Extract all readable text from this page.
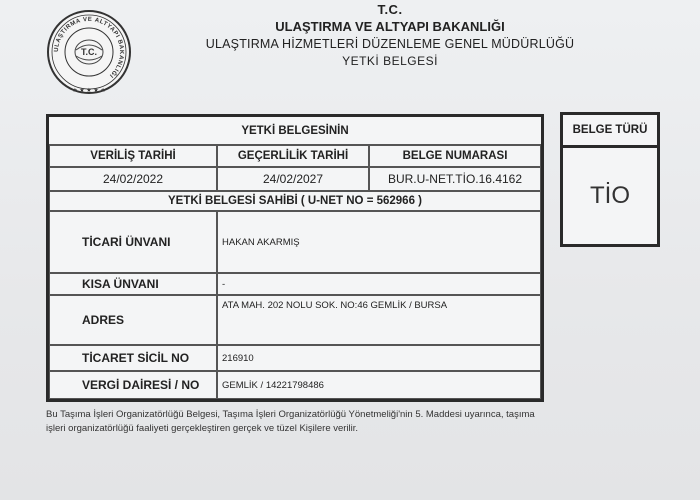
ULAŞTIRMA VE ALTYAPI BAKANLIĞI
★ ★ ★ ★ ★
T.C.
T.C.
ULAŞTIRMA VE ALTYAPI BAKANLIĞI
ULAŞTIRMA HİZMETLERİ DÜZENLEME GENEL MÜDÜRLÜĞÜ
YETKİ BELGESİ
YETKİ BELGESİNİN
VERİLİŞ TARİHİ	GEÇERLİLİK TARİHİ	BELGE NUMARASI
24/02/2022	24/02/2027	BUR.U-NET.TİO.16.4162
YETKİ BELGESİ SAHİBİ ( U-NET NO = 562966 )
TİCARİ ÜNVANI	HAKAN AKARMIŞ
KISA ÜNVANI	-
ADRES
ATA MAH. 202 NOLU SOK. NO:46 GEMLİK / BURSA
TİCARET SİCİL NO	216910
VERGİ DAİRESİ / NO	GEMLİK / 14221798486
BELGE TÜRÜ
TİO
Bu Taşıma İşleri Organizatörlüğü Belgesi, Taşıma İşleri Organizatörlüğü Yönetmeliği'nin 5. Maddesi uyarınca, taşıma
işleri organizatörlüğü faaliyeti gerçekleştiren gerçek ve tüzel Kişilere verilir.
